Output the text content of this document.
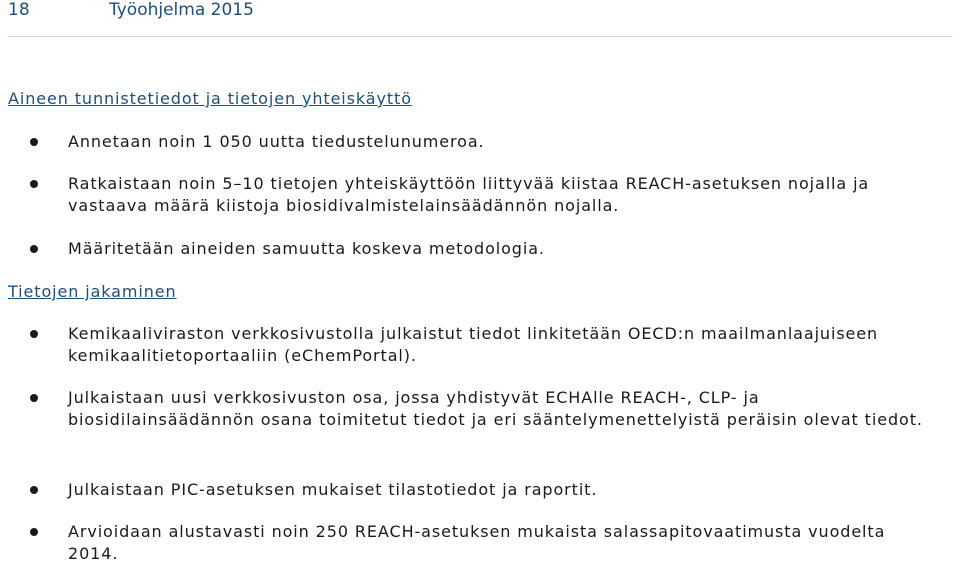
18	Työohjelma 2015
Aineen tunnistetiedot ja tietojen yhteiskäyttö
Annetaan noin 1 050 uutta tiedustelunumeroa.
Ratkaistaan noin 5–10 tietojen yhteiskäyttöön liittyvää kiistaa REACH-asetuksen nojalla ja vastaava määrä kiistoja biosidivalmistelainsäädännön nojalla.
Määritetään aineiden samuutta koskeva metodologia.
Tietojen jakaminen
Kemikaaliviraston verkkosivustolla julkaistut tiedot linkitetään OECD:n maailmanlaajuiseen kemikaalitietoportaaliin (eChemPortal).
Julkaistaan uusi verkkosivuston osa, jossa yhdistyvät ECHAlle REACH-, CLP- ja biosidilainsäädännön osana toimitetut tiedot ja eri sääntelymenettelyistä peräisin olevat tiedot.
Julkaistaan PIC-asetuksen mukaiset tilastotiedot ja raportit.
Arvioidaan alustavasti noin 250 REACH-asetuksen mukaista salassapitovaatimusta vuodelta 2014.
